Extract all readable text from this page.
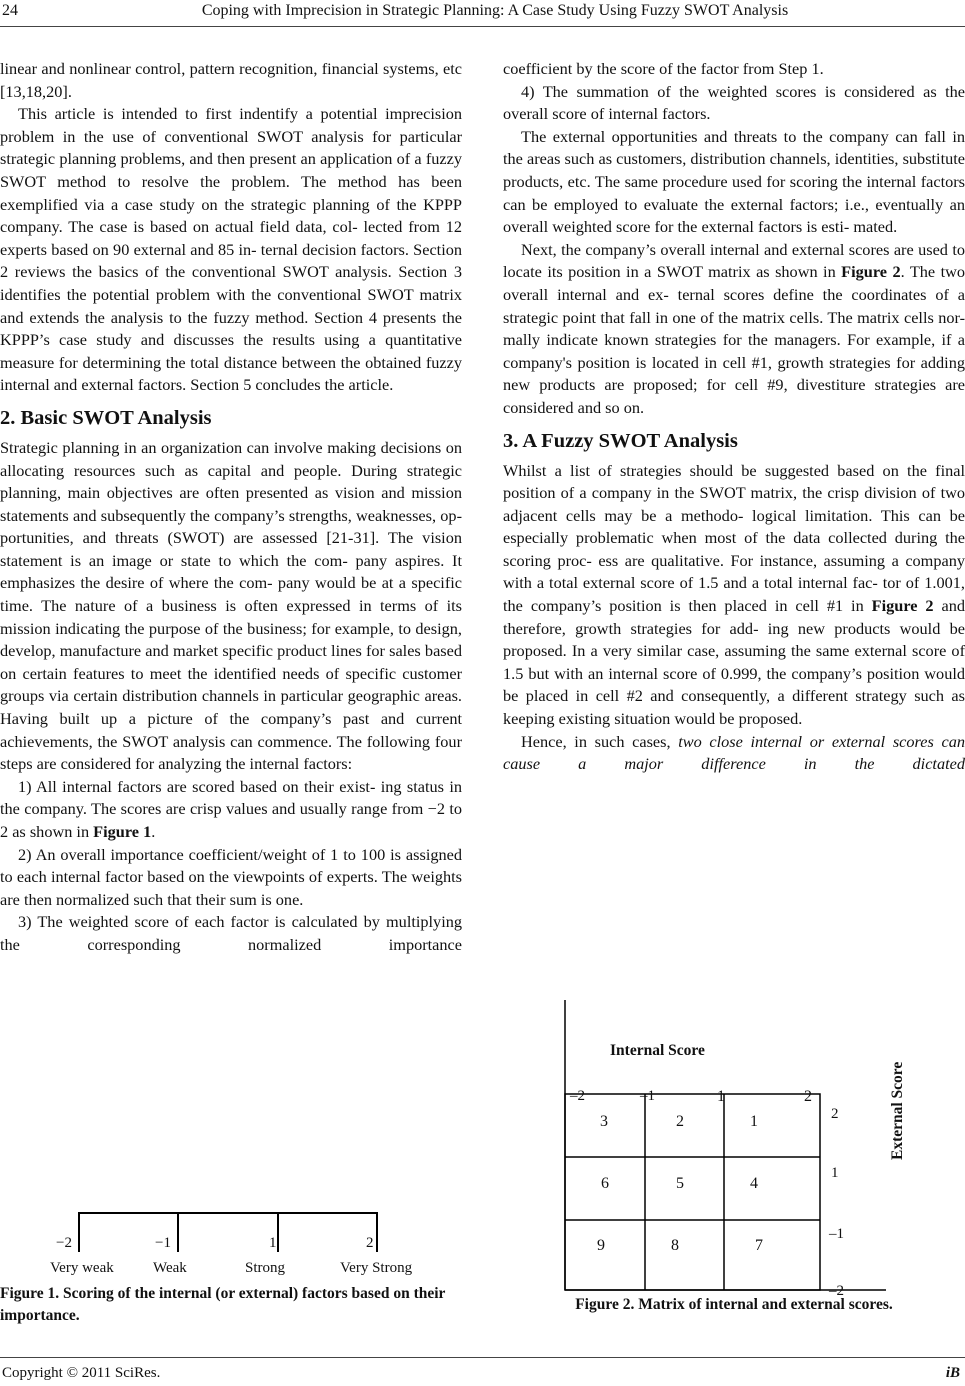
24	Coping with Imprecision in Strategic Planning: A Case Study Using Fuzzy SWOT Analysis

linear and nonlinear control, pattern recognition, financial systems, etc [13,18,20].

This article is intended to first indentify a potential imprecision problem in the use of conventional SWOT analysis for particular strategic planning problems, and then present an application of a fuzzy SWOT method to resolve the problem. The method has been exemplified via a case study on the strategic planning of the KPPP company. The case is based on actual field data, col- lected from 12 experts based on 90 external and 85 in- ternal decision factors. Section 2 reviews the basics of the conventional SWOT analysis. Section 3 identifies the potential problem with the conventional SWOT matrix and extends the analysis to the fuzzy method. Section 4 presents the KPPP’s case study and discusses the results using a quantitative measure for determining the total distance between the obtained fuzzy internal and external factors. Section 5 concludes the article.

2. Basic SWOT Analysis

Strategic planning in an organization can involve making decisions on allocating resources such as capital and people. During strategic planning, main objectives are often presented as vision and mission statements and subsequently the company’s strengths, weaknesses, op- portunities, and threats (SWOT) are assessed [21-31]. The vision statement is an image or state to which the com- pany aspires. It emphasizes the desire of where the com- pany would be at a specific time. The nature of a business is often expressed in terms of its mission indicating the purpose of the business; for example, to design, develop, manufacture and market specific product lines for sales based on certain features to meet the identified needs of specific customer groups via certain distribution channels in particular geographic areas. Having built up a picture of the company’s past and current achievements, the SWOT analysis can commence. The following four steps are considered for analyzing the internal factors:

1) All internal factors are scored based on their exist- ing status in the company. The scores are crisp values and usually range from −2 to 2 as shown in Figure 1.

2) An overall importance coefficient/weight of 1 to 100 is assigned to each internal factor based on the viewpoints of experts. The weights are then normalized such that their sum is one.

3) The weighted score of each factor is calculated by multiplying the corresponding normalized importance

−2	−1	1	2
Very weak	Weak	Strong	Very Strong
Figure 1. Scoring of the internal (or external) factors based on their importance.

coefficient by the score of the factor from Step 1.

4) The summation of the weighted scores is considered as the overall score of internal factors.

The external opportunities and threats to the company can fall in the areas such as customers, distribution channels, identities, substitute products, etc. The same procedure used for scoring the internal factors can be employed to evaluate the external factors; i.e., eventually an overall weighted score for the external factors is esti- mated.

Next, the company’s overall internal and external scores are used to locate its position in a SWOT matrix as shown in Figure 2. The two overall internal and ex- ternal scores define the coordinates of a strategic point that fall in one of the matrix cells. The matrix cells nor- mally indicate known strategies for the managers. For example, if a company's position is located in cell #1, growth strategies for adding new products are proposed; for cell #9, divestiture strategies are considered and so on.

3. A Fuzzy SWOT Analysis

Whilst a list of strategies should be suggested based on the final position of a company in the SWOT matrix, the crisp division of two adjacent cells may be a methodo- logical limitation. This can be especially problematic when most of the data collected during the scoring proc- ess are qualitative. For instance, assuming a company with a total external score of 1.5 and a total internal fac- tor of 1.001, the company’s position is then placed in cell #1 in Figure 2 and therefore, growth strategies for add- ing new products would be proposed. In a very similar case, assuming the same external score of 1.5 but with an internal score of 0.999, the company’s position would be placed in cell #2 and consequently, a different strategy such as keeping existing situation would be proposed.

Hence, in such cases, two close internal or external scores can cause a major difference in the dictated

Internal Score
External Score
–2	–1	1	2
2
1
–1
–2
3	2	1
6	5	4
9	8	7
Figure 2. Matrix of internal and external scores.
Copyright © 2011 SciRes.	iB
